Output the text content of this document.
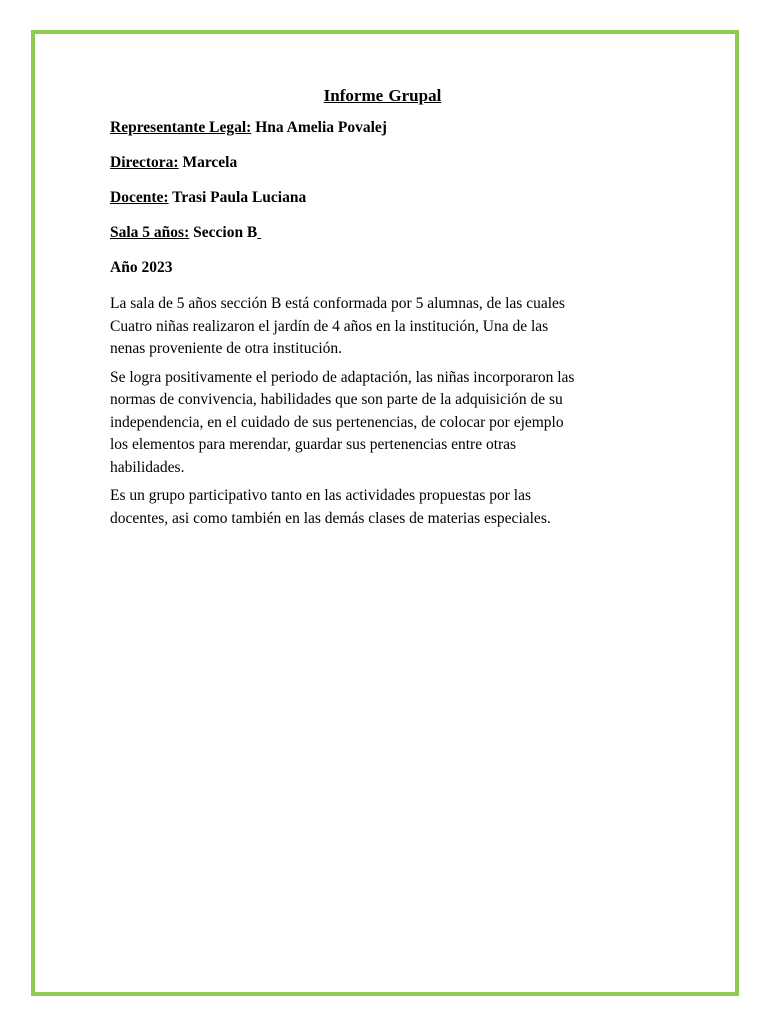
Informe Grupal
Representante Legal: Hna Amelia Povalej
Directora: Marcela
Docente: Trasi Paula Luciana
Sala 5 años: Seccion B
Año 2023
La sala de 5 años sección B está conformada por 5 alumnas, de las cuales
Cuatro niñas realizaron el jardín de 4 años en la institución, Una de las
nenas proveniente de otra institución.
Se logra positivamente el periodo de adaptación, las niñas incorporaron las
normas de convivencia, habilidades que son parte de la adquisición de su
independencia, en el cuidado de sus pertenencias, de colocar por ejemplo
los elementos para merendar, guardar sus pertenencias entre otras
habilidades.
Es un grupo participativo tanto en las actividades propuestas por las
docentes, asi como también en las demás clases de materias especiales.
